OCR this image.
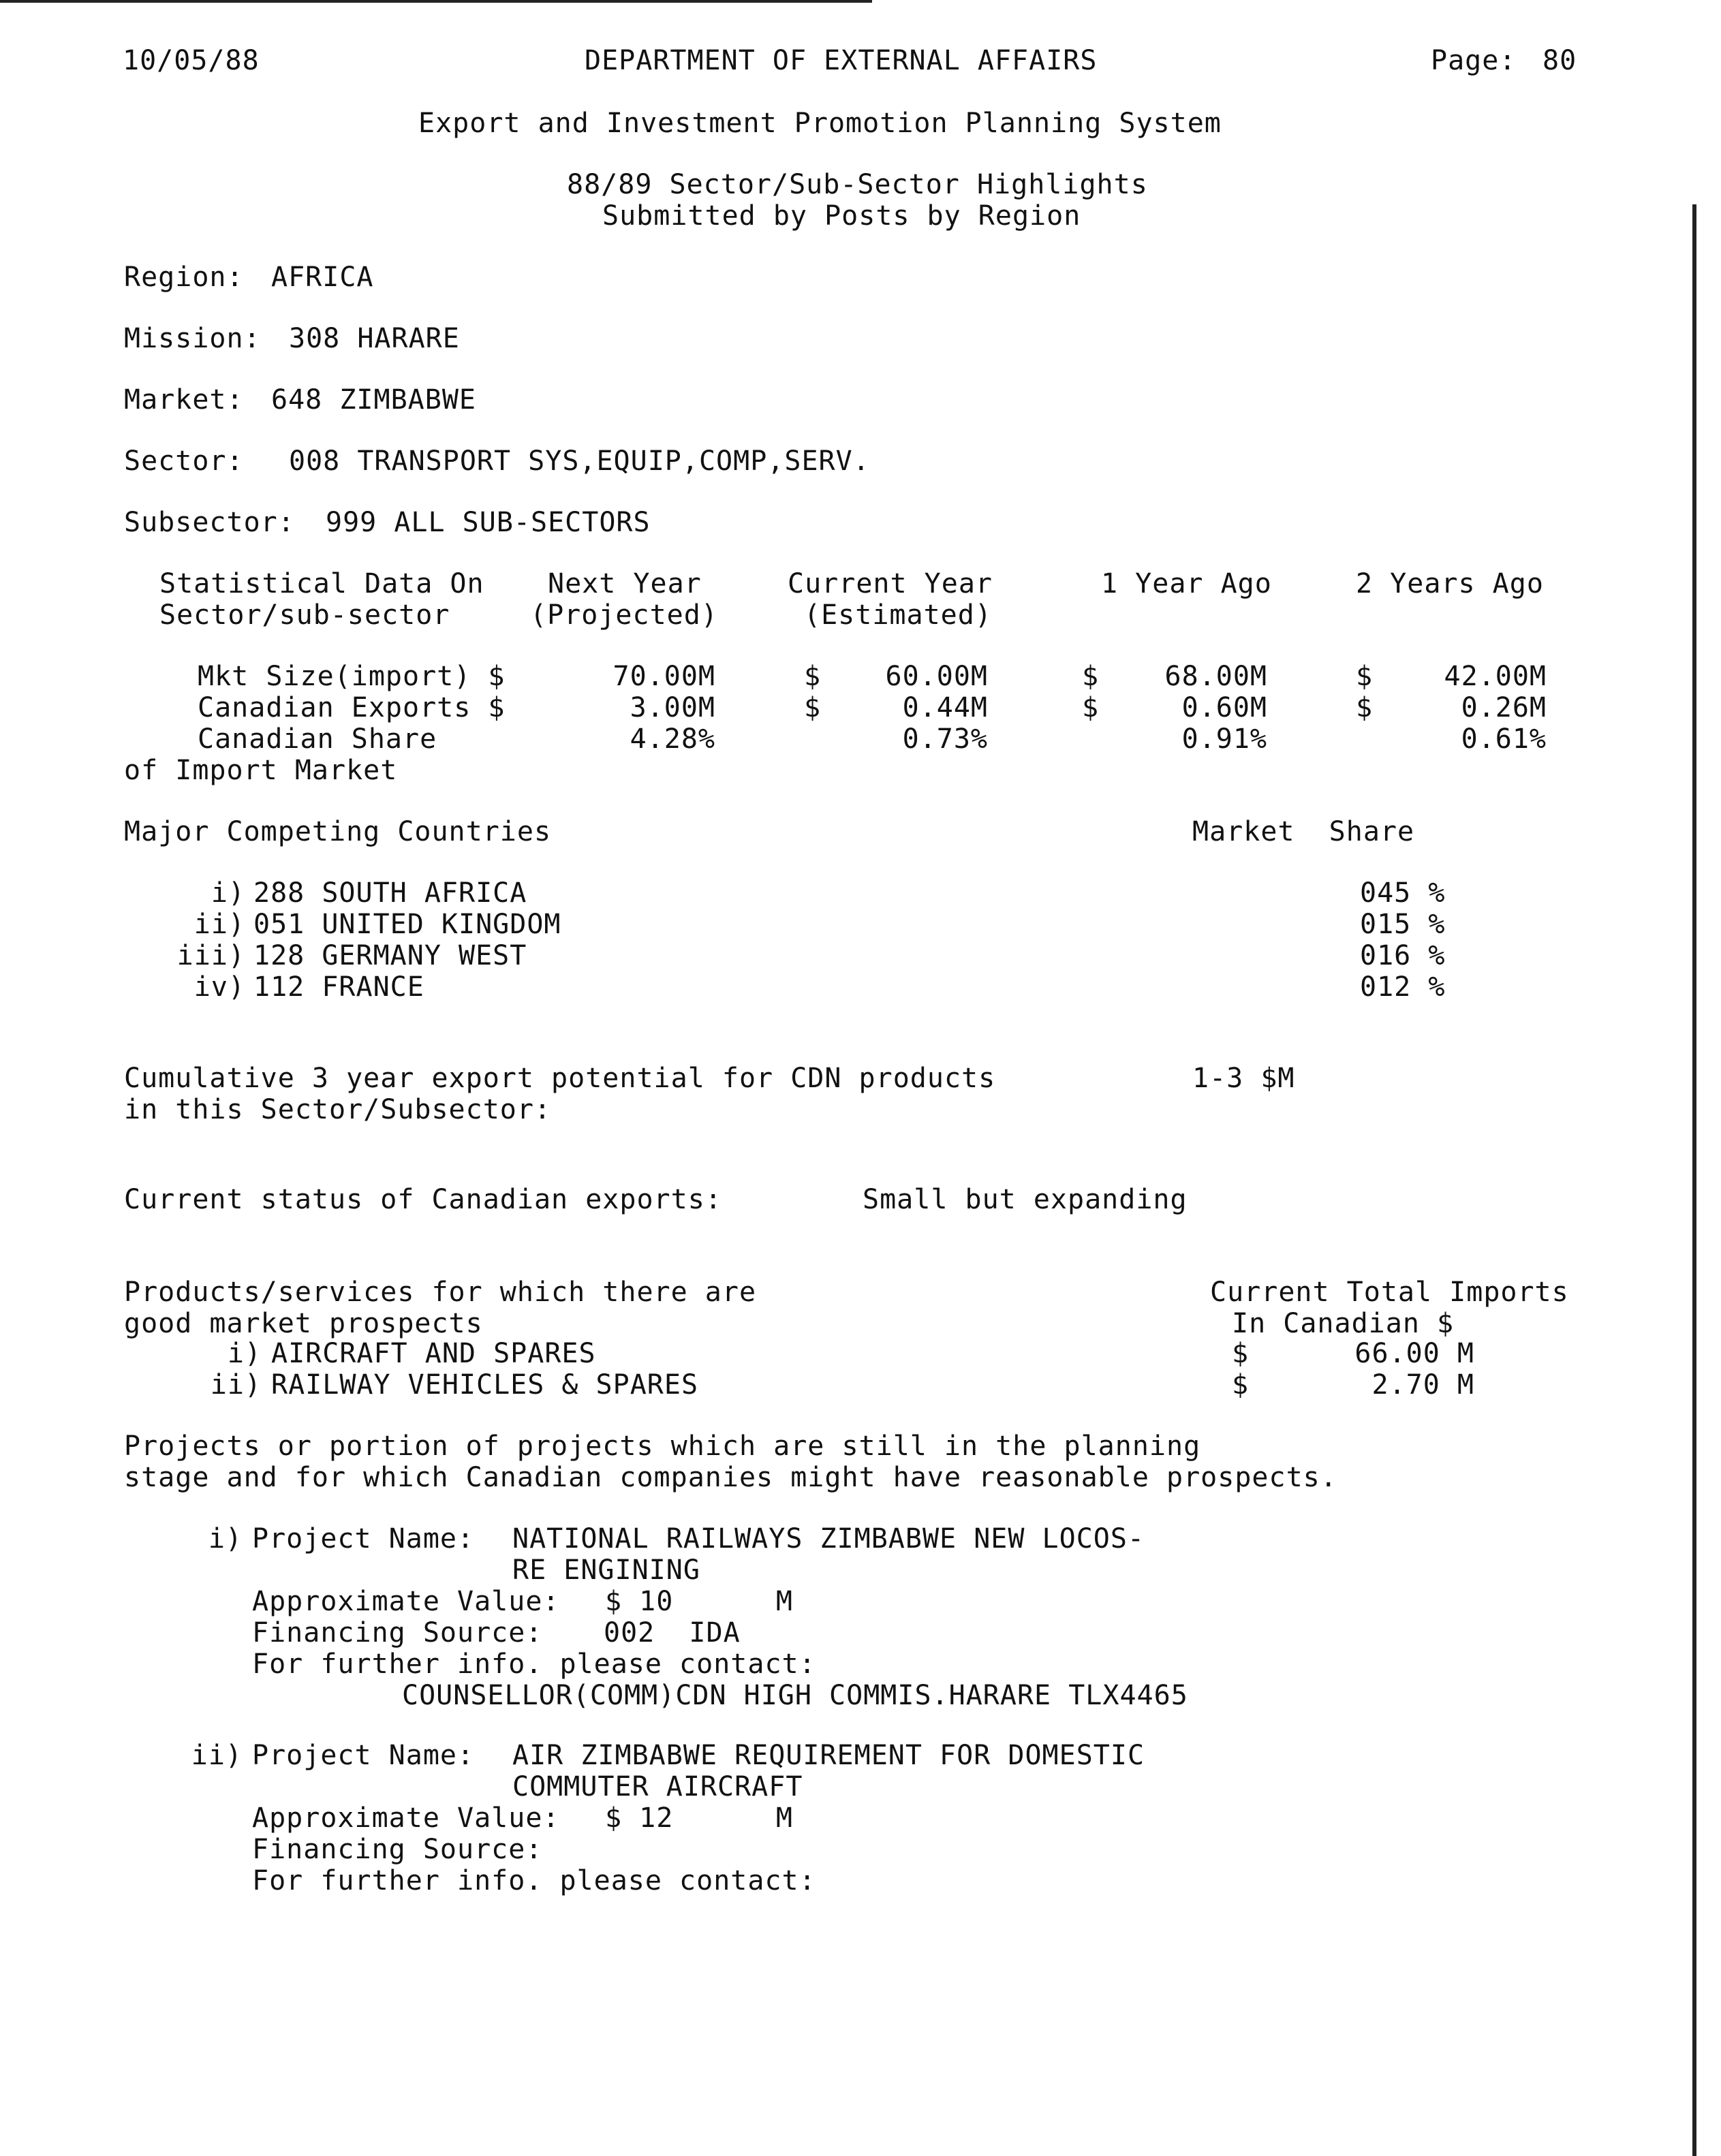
10/05/88	DEPARTMENT OF EXTERNAL AFFAIRS	Page: 80
Export and Investment Promotion Planning System
88/89 Sector/Sub-Sector Highlights
Submitted by Posts by Region
Region: AFRICA
Mission: 308 HARARE
Market: 648 ZIMBABWE
Sector: 008 TRANSPORT SYS,EQUIP,COMP,SERV.
Subsector: 999 ALL SUB-SECTORS
Statistical Data On
Sector/sub-sector
Next Year
(Projected)
Current Year
(Estimated)
1 Year Ago	2 Years Ago
Mkt Size(import) $	70.00M	$	60.00M	$	68.00M	$	42.00M
Canadian Exports $	3.00M	$	0.44M	$	0.60M	$	0.26M
Canadian Share	4.28%	0.73%	0.91%	0.61%
of Import Market
Major Competing Countries	Market  Share
i) 288 SOUTH AFRICA	045 %
ii) 051 UNITED KINGDOM	015 %
iii) 128 GERMANY WEST	016 %
iv) 112 FRANCE	012 %
Cumulative 3 year export potential for CDN products
in this Sector/Subsector:
1-3 $M
Current status of Canadian exports:	Small but expanding
Products/services for which there are
good market prospects
Current Total Imports
In Canadian $
i) AIRCRAFT AND SPARES	$	66.00 M
ii) RAILWAY VEHICLES & SPARES	$	2.70 M
Projects or portion of projects which are still in the planning
stage and for which Canadian companies might have reasonable prospects.
i) Project Name: NATIONAL RAILWAYS ZIMBABWE NEW LOCOS-
RE ENGINING
Approximate Value: $ 10      M
Financing Source: 002  IDA
For further info. please contact:
COUNSELLOR(COMM)CDN HIGH COMMIS.HARARE TLX4465
ii) Project Name: AIR ZIMBABWE REQUIREMENT FOR DOMESTIC
COMMUTER AIRCRAFT
Approximate Value: $ 12      M
Financing Source:
For further info. please contact:
